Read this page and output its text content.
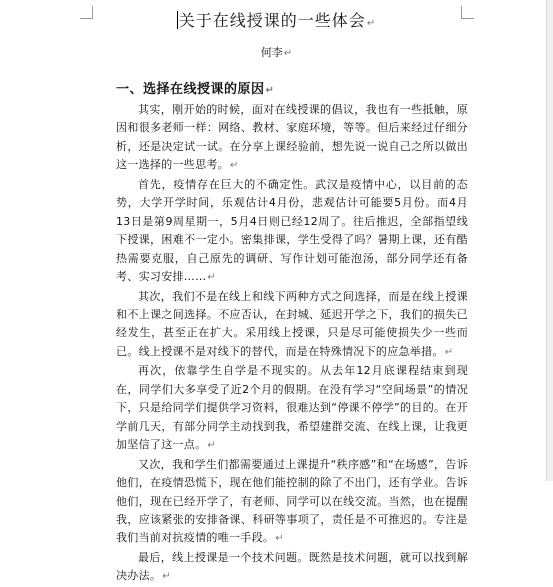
关于在线授课的一些体会↵
何李↵
一、选择在线授课的原因↵

其实，刚开始的时候，面对在线授课的倡议，我也有一些抵触，原因和很多老师一样：网络、教材、家庭环境，等等。但后来经过仔细分析，还是决定试一试。在分享上课经验前，想先说一说自己之所以做出这一选择的一些思考。↵

首先，疫情存在巨大的不确定性。武汉是疫情中心，以目前的态势，大学开学时间，乐观估计4月份，悲观估计可能要5月份。而4月13日是第9周星期一，5月4日则已经12周了。往后推迟，全部指望线下授课，困难不一定小。密集排课，学生受得了吗？暑期上课，还有酷热需要克服，自己原先的调研、写作计划可能泡汤，部分同学还有备考、实习安排……↵

其次，我们不是在线上和线下两种方式之间选择，而是在线上授课和不上课之间选择。不应否认，在封城、延迟开学之下，我们的损失已经发生，甚至正在扩大。采用线上授课，只是尽可能使损失少一些而已。线上授课不是对线下的替代，而是在特殊情况下的应急举措。↵

再次，依靠学生自学是不现实的。从去年12月底课程结束到现在，同学们大多享受了近2个月的假期。在没有学习“空间场景”的情况下，只是给同学们提供学习资料，很难达到“停课不停学”的目的。在开学前几天，有部分同学主动找到我，希望建群交流、在线上课，让我更加坚信了这一点。↵

又次，我和学生们都需要通过上课提升“秩序感”和“在场感”，告诉他们，在疫情恐慌下，现在他们能控制的除了不出门，还有学业。告诉他们，现在已经开学了，有老师、同学可以在线交流。当然，也在提醒我，应该紧张的安排备课、科研等事项了，责任是不可推迟的。专注是我们当前对抗疫情的唯一手段。↵

最后，线上授课是一个技术问题。既然是技术问题，就可以找到解决办法。↵
